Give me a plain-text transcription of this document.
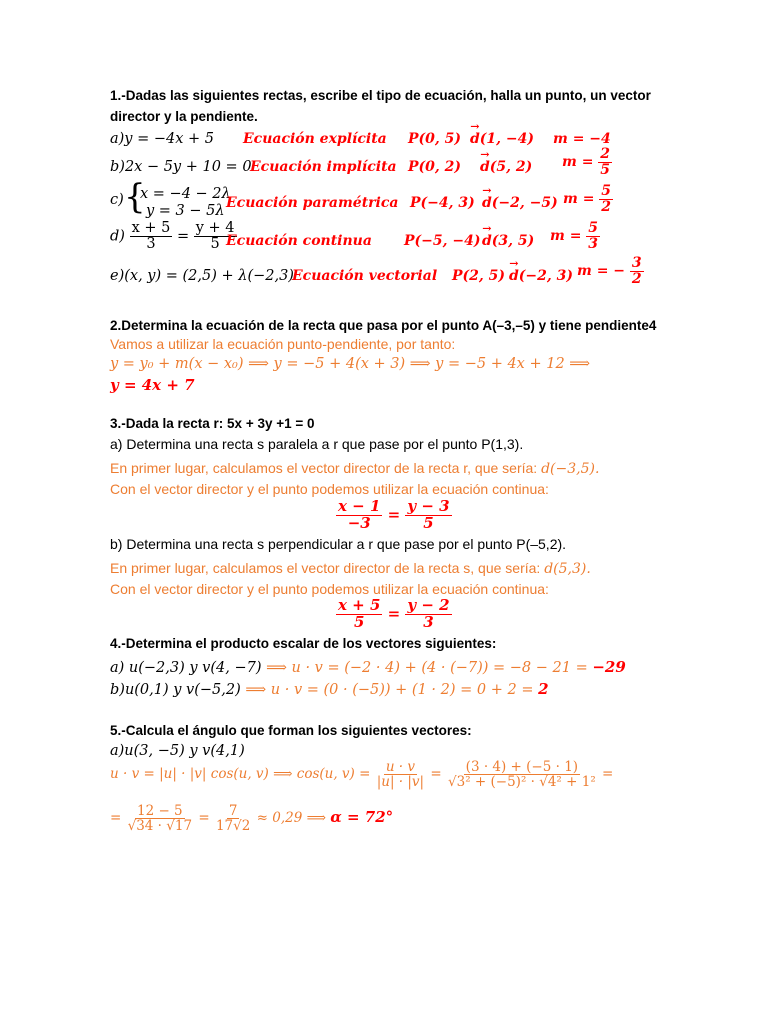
1.-Dadas las siguientes rectas, escribe el tipo de ecuación, halla un punto, un vector
director y la pendiente.
a)y = −4x + 5 Ecuación explícita P(0, 5) → d(1, −4) m = −4
b)2x − 5y + 10 = 0
Ecuación implícita P(0, 2) → d(5, 2) $m = \frac{2}{5}$
c) {
x = −4 − 2λ
y = 3 − 5λ Ecuación paramétrica P(−4, 3) → d(−2, −5) $m = \frac{5}{2}$
$d) \frac{x + 5}{3} = \frac{y + 4}{5}$
Ecuación continua P(−5, −4) → d(3, 5) $m = \frac{5}{3}$
e)(x, y) = (2,5) + λ(−2,3)
Ecuación vectorial P(2, 5) → d(−2, 3) m = − $\frac{3}{2}$
2.Determina la ecuación de la recta que pasa por el punto A(–3,–5) y tiene pendiente4
Vamos a utilizar la ecuación punto-pendiente, por tanto:
y = y₀ + m(x − x₀) ⟹ y = −5 + 4(x + 3) ⟹ y = −5 + 4x + 12 ⟹
y = 4x + 7
3.-Dada la recta r: 5x + 3y +1 = 0
a) Determina una recta s paralela a r que pase por el punto P(1,3).
En primer lugar, calculamos el vector director de la recta r, que sería: d(−3,5).
Con el vector director y el punto podemos utilizar la ecuación continua:
$\frac{x - 1}{-3} = \frac{y - 3}{5}$
b) Determina una recta s perpendicular a r que pase por el punto P(–5,2).
En primer lugar, calculamos el vector director de la recta s, que sería: d(5,3).
Con el vector director y el punto podemos utilizar la ecuación continua:
$\frac{x + 5}{5} = \frac{y - 2}{3}$
4.-Determina el producto escalar de los vectores siguientes:
a) u(−2,3) y v(4, −7) ⟹ u · v = (−2 · 4) + (4 · (−7)) = −8 − 21 = −29
b)u(0,1) y v(−5,2) ⟹ u · v = (0 · (−5)) + (1 · 2) = 0 + 2 = 2
5.-Calcula el ángulo que forman los siguientes vectores:
a)u(3, −5) y v(4,1)
u · v = |u| · |v| cos(u, v) ⟹ cos(u, $v) = \frac{u \cdot v}{|u| \cdot |v|} = \frac{(3 \cdot 4) + (-5 \cdot 1)}{\text{√3² + (−5)² · √4² + 1²}}$ =
= $\frac{12 - 5}{√34 \cdot √17} = \frac{7}{17√2} \approx 0,29$ ⟹ α = 72°
